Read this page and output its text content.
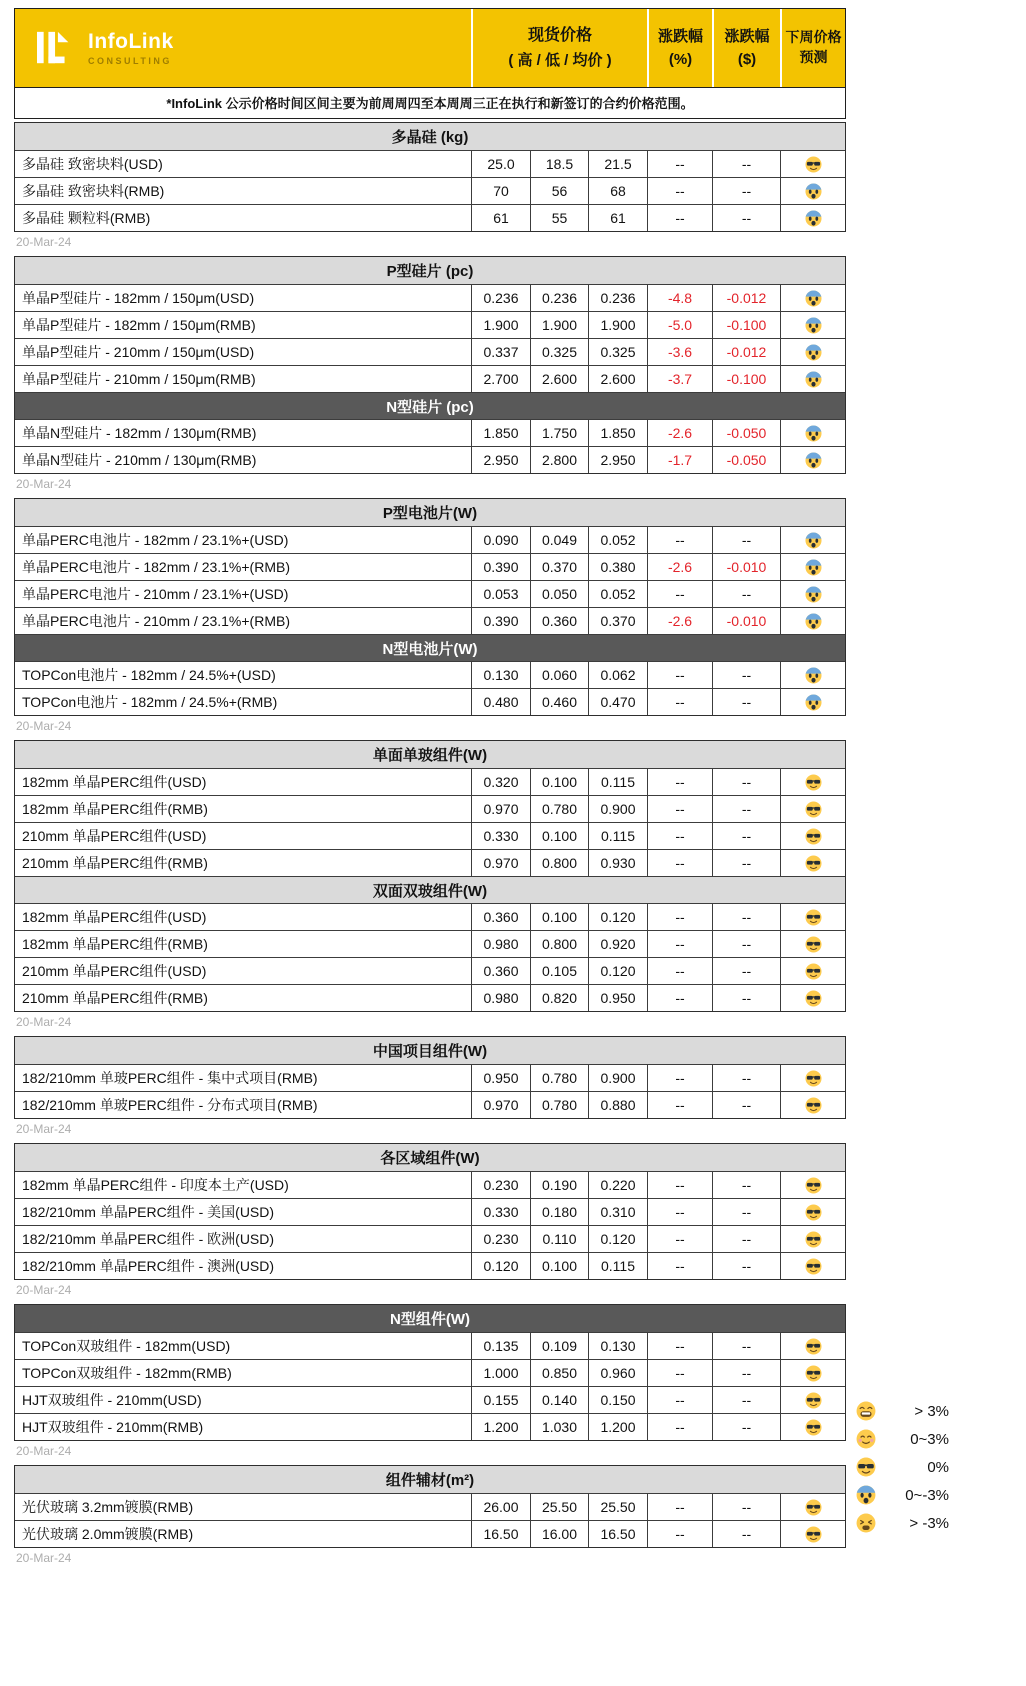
InfoLink
CONSULTING
现货价格
( 高 / 低 / 均价 )
涨跌幅
(%)
涨跌幅
($)
下周价格
预测
*InfoLink 公示价格时间区间主要为前周周四至本周周三正在执行和新签订的合约价格范围。
多晶硅 (kg)
多晶硅 致密块料(USD)	25.0	18.5	21.5	--	--
多晶硅 致密块料(RMB)	70	56	68	--	--
多晶硅 颗粒料(RMB)	61	55	61	--	--
20-Mar-24
P型硅片 (pc)
单晶P型硅片 - 182mm / 150μm(USD)	0.236	0.236	0.236	-4.8	-0.012
单晶P型硅片 - 182mm / 150μm(RMB)	1.900	1.900	1.900	-5.0	-0.100
单晶P型硅片 - 210mm / 150μm(USD)	0.337	0.325	0.325	-3.6	-0.012
单晶P型硅片 - 210mm / 150μm(RMB)	2.700	2.600	2.600	-3.7	-0.100
N型硅片 (pc)
单晶N型硅片 - 182mm / 130μm(RMB)	1.850	1.750	1.850	-2.6	-0.050
单晶N型硅片 - 210mm / 130μm(RMB)	2.950	2.800	2.950	-1.7	-0.050
20-Mar-24
P型电池片(W)
单晶PERC电池片 - 182mm / 23.1%+(USD)	0.090	0.049	0.052	--	--
单晶PERC电池片 - 182mm / 23.1%+(RMB)	0.390	0.370	0.380	-2.6	-0.010
单晶PERC电池片 - 210mm / 23.1%+(USD)	0.053	0.050	0.052	--	--
单晶PERC电池片 - 210mm / 23.1%+(RMB)	0.390	0.360	0.370	-2.6	-0.010
N型电池片(W)
TOPCon电池片 - 182mm / 24.5%+(USD)	0.130	0.060	0.062	--	--
TOPCon电池片 - 182mm / 24.5%+(RMB)	0.480	0.460	0.470	--	--
20-Mar-24
单面单玻组件(W)
182mm 单晶PERC组件(USD)	0.320	0.100	0.115	--	--
182mm 单晶PERC组件(RMB)	0.970	0.780	0.900	--	--
210mm 单晶PERC组件(USD)	0.330	0.100	0.115	--	--
210mm 单晶PERC组件(RMB)	0.970	0.800	0.930	--	--
双面双玻组件(W)
182mm 单晶PERC组件(USD)	0.360	0.100	0.120	--	--
182mm 单晶PERC组件(RMB)	0.980	0.800	0.920	--	--
210mm 单晶PERC组件(USD)	0.360	0.105	0.120	--	--
210mm 单晶PERC组件(RMB)	0.980	0.820	0.950	--	--
20-Mar-24
中国项目组件(W)
182/210mm 单玻PERC组件 - 集中式项目(RMB)	0.950	0.780	0.900	--	--
182/210mm 单玻PERC组件 - 分布式项目(RMB)	0.970	0.780	0.880	--	--
20-Mar-24
各区域组件(W)
182mm 单晶PERC组件 - 印度本土产(USD)	0.230	0.190	0.220	--	--
182/210mm 单晶PERC组件 - 美国(USD)	0.330	0.180	0.310	--	--
182/210mm 单晶PERC组件 - 欧洲(USD)	0.230	0.110	0.120	--	--
182/210mm 单晶PERC组件 - 澳洲(USD)	0.120	0.100	0.115	--	--
20-Mar-24
N型组件(W)
TOPCon双玻组件 - 182mm(USD)	0.135	0.109	0.130	--	--
TOPCon双玻组件 - 182mm(RMB)	1.000	0.850	0.960	--	--
HJT双玻组件 - 210mm(USD)	0.155	0.140	0.150	--	--
HJT双玻组件 - 210mm(RMB)	1.200	1.030	1.200	--	--
20-Mar-24
组件辅材(m²)
光伏玻璃 3.2mm镀膜(RMB)	26.00	25.50	25.50	--	--
光伏玻璃 2.0mm镀膜(RMB)	16.50	16.00	16.50	--	--
20-Mar-24
> 3%
0~3%
0%
0~-3%
> -3%
